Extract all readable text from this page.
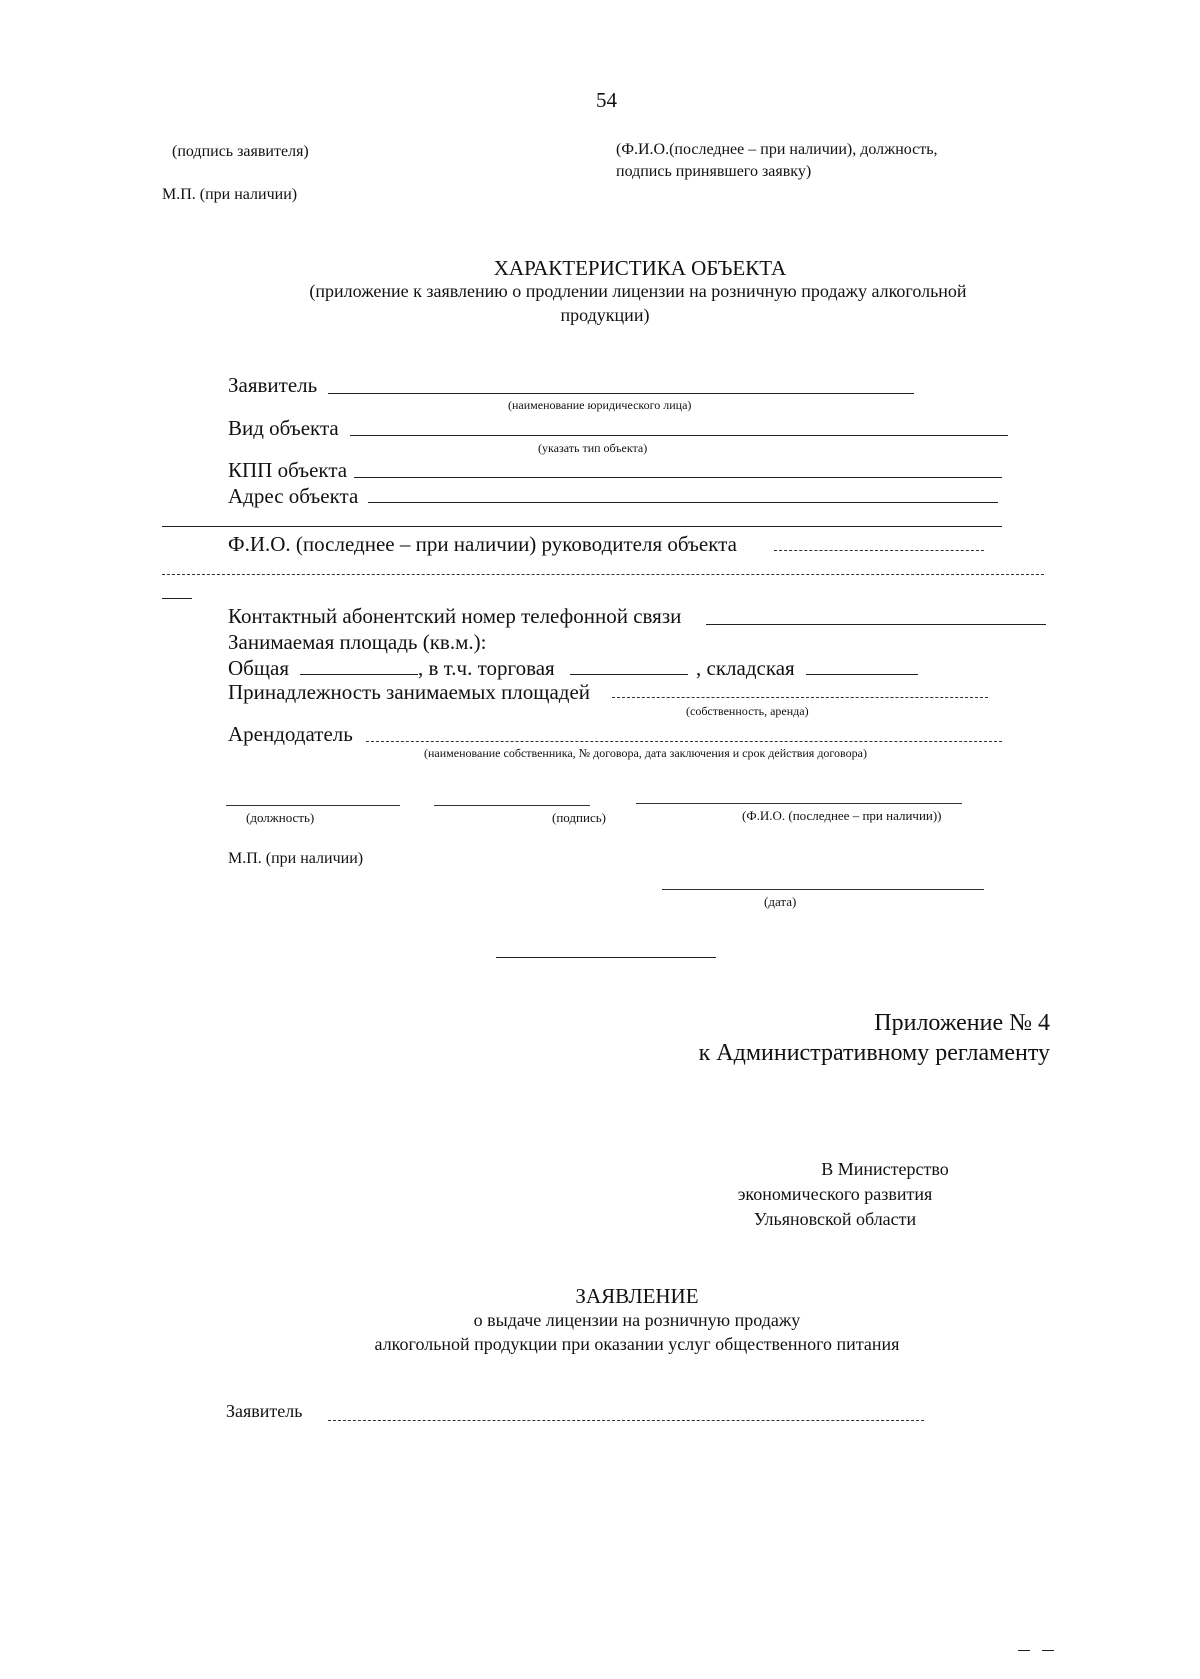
54
(подпись заявителя)
М.П. (при наличии)
(Ф.И.О.(последнее – при наличии), должность,
подпись принявшего заявку)
ХАРАКТЕРИСТИКА ОБЪЕКТА
(приложение к заявлению о продлении лицензии на розничную продажу алкогольной
продукции)
Заявитель
(наименование юридического лица)
Вид объекта
(указать тип объекта)
КПП объекта
Адрес объекта
Ф.И.О. (последнее – при наличии) руководителя объекта
Контактный абонентский номер телефонной связи
Занимаемая площадь (кв.м.):
Общая	, в т.ч. торговая	, складская
Принадлежность занимаемых площадей
(собственность, аренда)
Арендодатель
(наименование собственника, № договора, дата заключения и срок действия договора)
(должность)	(подпись)	(Ф.И.О. (последнее – при наличии))
М.П. (при наличии)
(дата)
Приложение № 4
к Административному регламенту
В Министерство
экономического развития
Ульяновской области
ЗАЯВЛЕНИЕ
о выдаче лицензии на розничную продажу
алкогольной продукции при оказании услуг общественного питания
Заявитель
